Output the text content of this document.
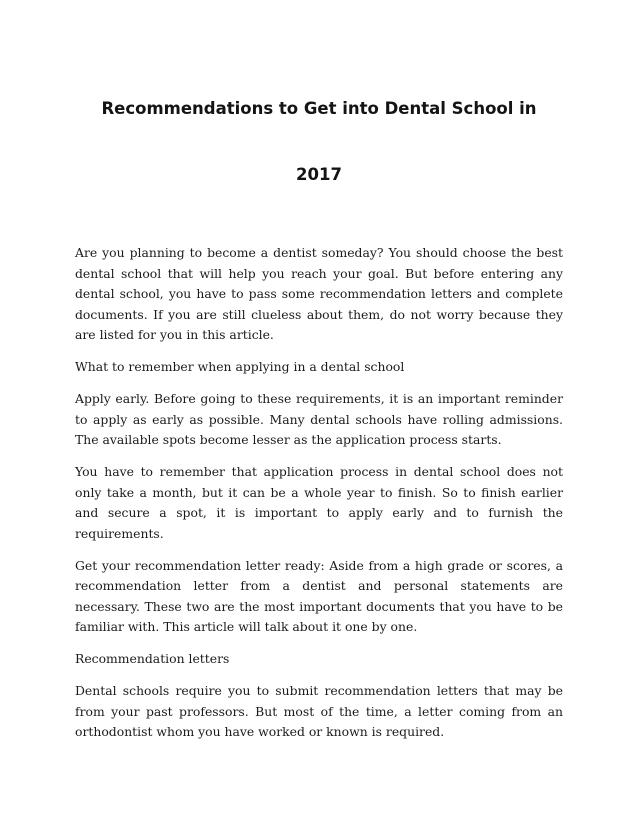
Recommendations to Get into Dental School in
2017

Are you planning to become a dentist someday? You should choose the best dental school that will help you reach your goal. But before entering any dental school, you have to pass some recommendation letters and complete documents. If you are still clueless about them, do not worry because they are listed for you in this article.

What to remember when applying in a dental school

Apply early. Before going to these requirements, it is an important reminder to apply as early as possible. Many dental schools have rolling admissions. The available spots become lesser as the application process starts.

You have to remember that application process in dental school does not only take a month, but it can be a whole year to finish. So to finish earlier and secure a spot, it is important to apply early and to furnish the requirements.

Get your recommendation letter ready: Aside from a high grade or scores, a recommendation letter from a dentist and personal statements are necessary. These two are the most important documents that you have to be familiar with. This article will talk about it one by one.

Recommendation letters

Dental schools require you to submit recommendation letters that may be from your past professors. But most of the time, a letter coming from an orthodontist whom you have worked or known is required.
